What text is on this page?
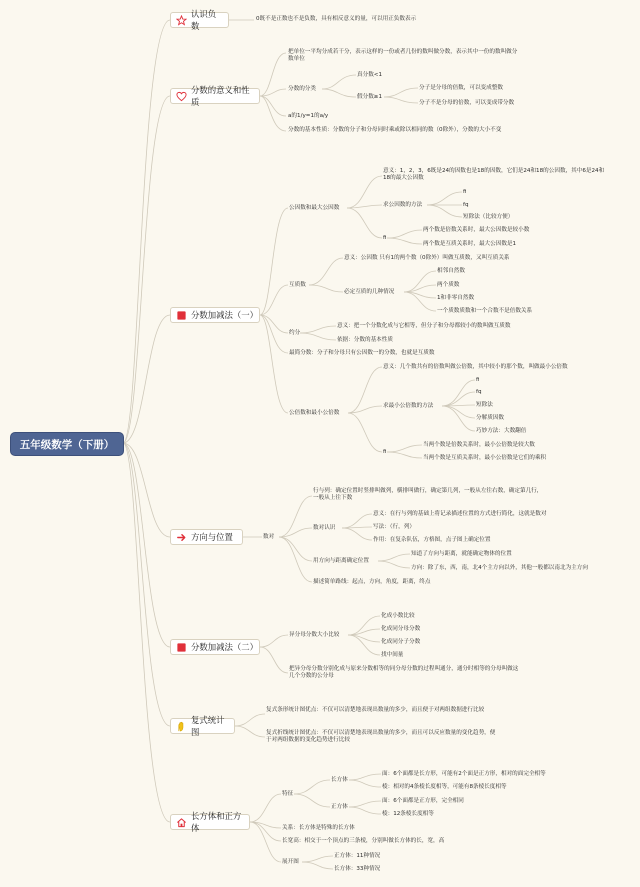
五年级数学（下册）
认识负数
0既不是正数也不是负数，具有相反意义的量，可以用正负数表示
分数的意义和性质
把单位一平均分成若干分，表示这样的一份或者几份的数叫做分数，表示其中一份的数叫做分数单位
分数的分类
真分数<1
假分数≥1
分子是分母的倍数，可以变成整数
分子不是分母的倍数，可以变成带分数
a的1/y=1的a/y
分数的基本性质：分数的分子和分母同时乘或除以相同的数（0除外），分数的大小不变
分数加减法（一）
公因数和最大公因数
意义：1，2，3，6既是24的因数也是18的因数，它们是24和18的公因数，其中6是24和18的最大公因数
求公因数的方法
fi
fq
短除法（比较方便）
fi
两个数是倍数关系时，最大公因数是较小数
两个数是互质关系时，最大公因数是1
互质数
意义：公因数 只有1的两个数（0除外）叫做互质数，又叫互质关系
必定互质的几种情况
相邻自然数
两个质数
1和非零自然数
一个质数质数和一个合数不是倍数关系
约分
意义：把一个分数化成与它相等，但分子和分母都较小的数叫做互质数
依据：分数的基本性质
最简分数：分子和分母只有公因数一的分数，也就是互质数
公倍数和最小公倍数
意义：几个数共有的倍数叫做公倍数，其中较小的那个数，叫做最小公倍数
求最小公倍数的方法
fi
fq
短除法
分解质因数
巧妙方法：大数翻倍
fi
当两个数是倍数关系时，最小公倍数是较大数
当两个数是互质关系时，最小公倍数是它们的乘积
方向与位置	数对
行与列：确定位置时竖排叫做列，横排叫做行，确定第几列，一般从左往右数，确定第几行，一般从上往下数
数对认识
意义：在行与列的基础上将记录描述位置的方式进行简化，这就是数对
写法：（行，列）
作用：在复杂队伍，方格图，点子图上确定位置
用方向与距离确定位置
知道了方向与距离，就能确定物体的位置
方向：除了东，西，南，北4个主方向以外，其他一般都以南北为主方向
描述简单路线：起点，方向，角度，距离，终点
分数加减法（二）
异分母分数大小比较
化成小数比较
化成同分母分数
化成同分子分数
找中间量
把异分母分数分别化成与原来分数相等的同分母分数的过程叫通分，通分时相等的分母叫做这几个分数的公分母
复式统计图
复式条形统计图优点：不仅可以清楚地表现出数量的多少，而且便于对两组数据进行比较
复式折线统计图优点：不仅可以清楚地表现出数量的多少，而且可以反应数量的变化趋势，便于对两组数据的变化趋势进行比较
长方体和正方体
特征
长方体
面：6个面都是长方形，可能有2个面是正方形，相对的面完全相等
棱：相对的4条棱长度相等，可能有8条棱长度相等
正方体
面：6个面都是正方形，完全相同
棱：12条棱长度相等
关系：长方体是特殊的长方体
长宽高：相交于一个顶点的三条棱，分别叫做长方体的长，宽，高
展开图
正方体：11种情况
长方体：33种情况
